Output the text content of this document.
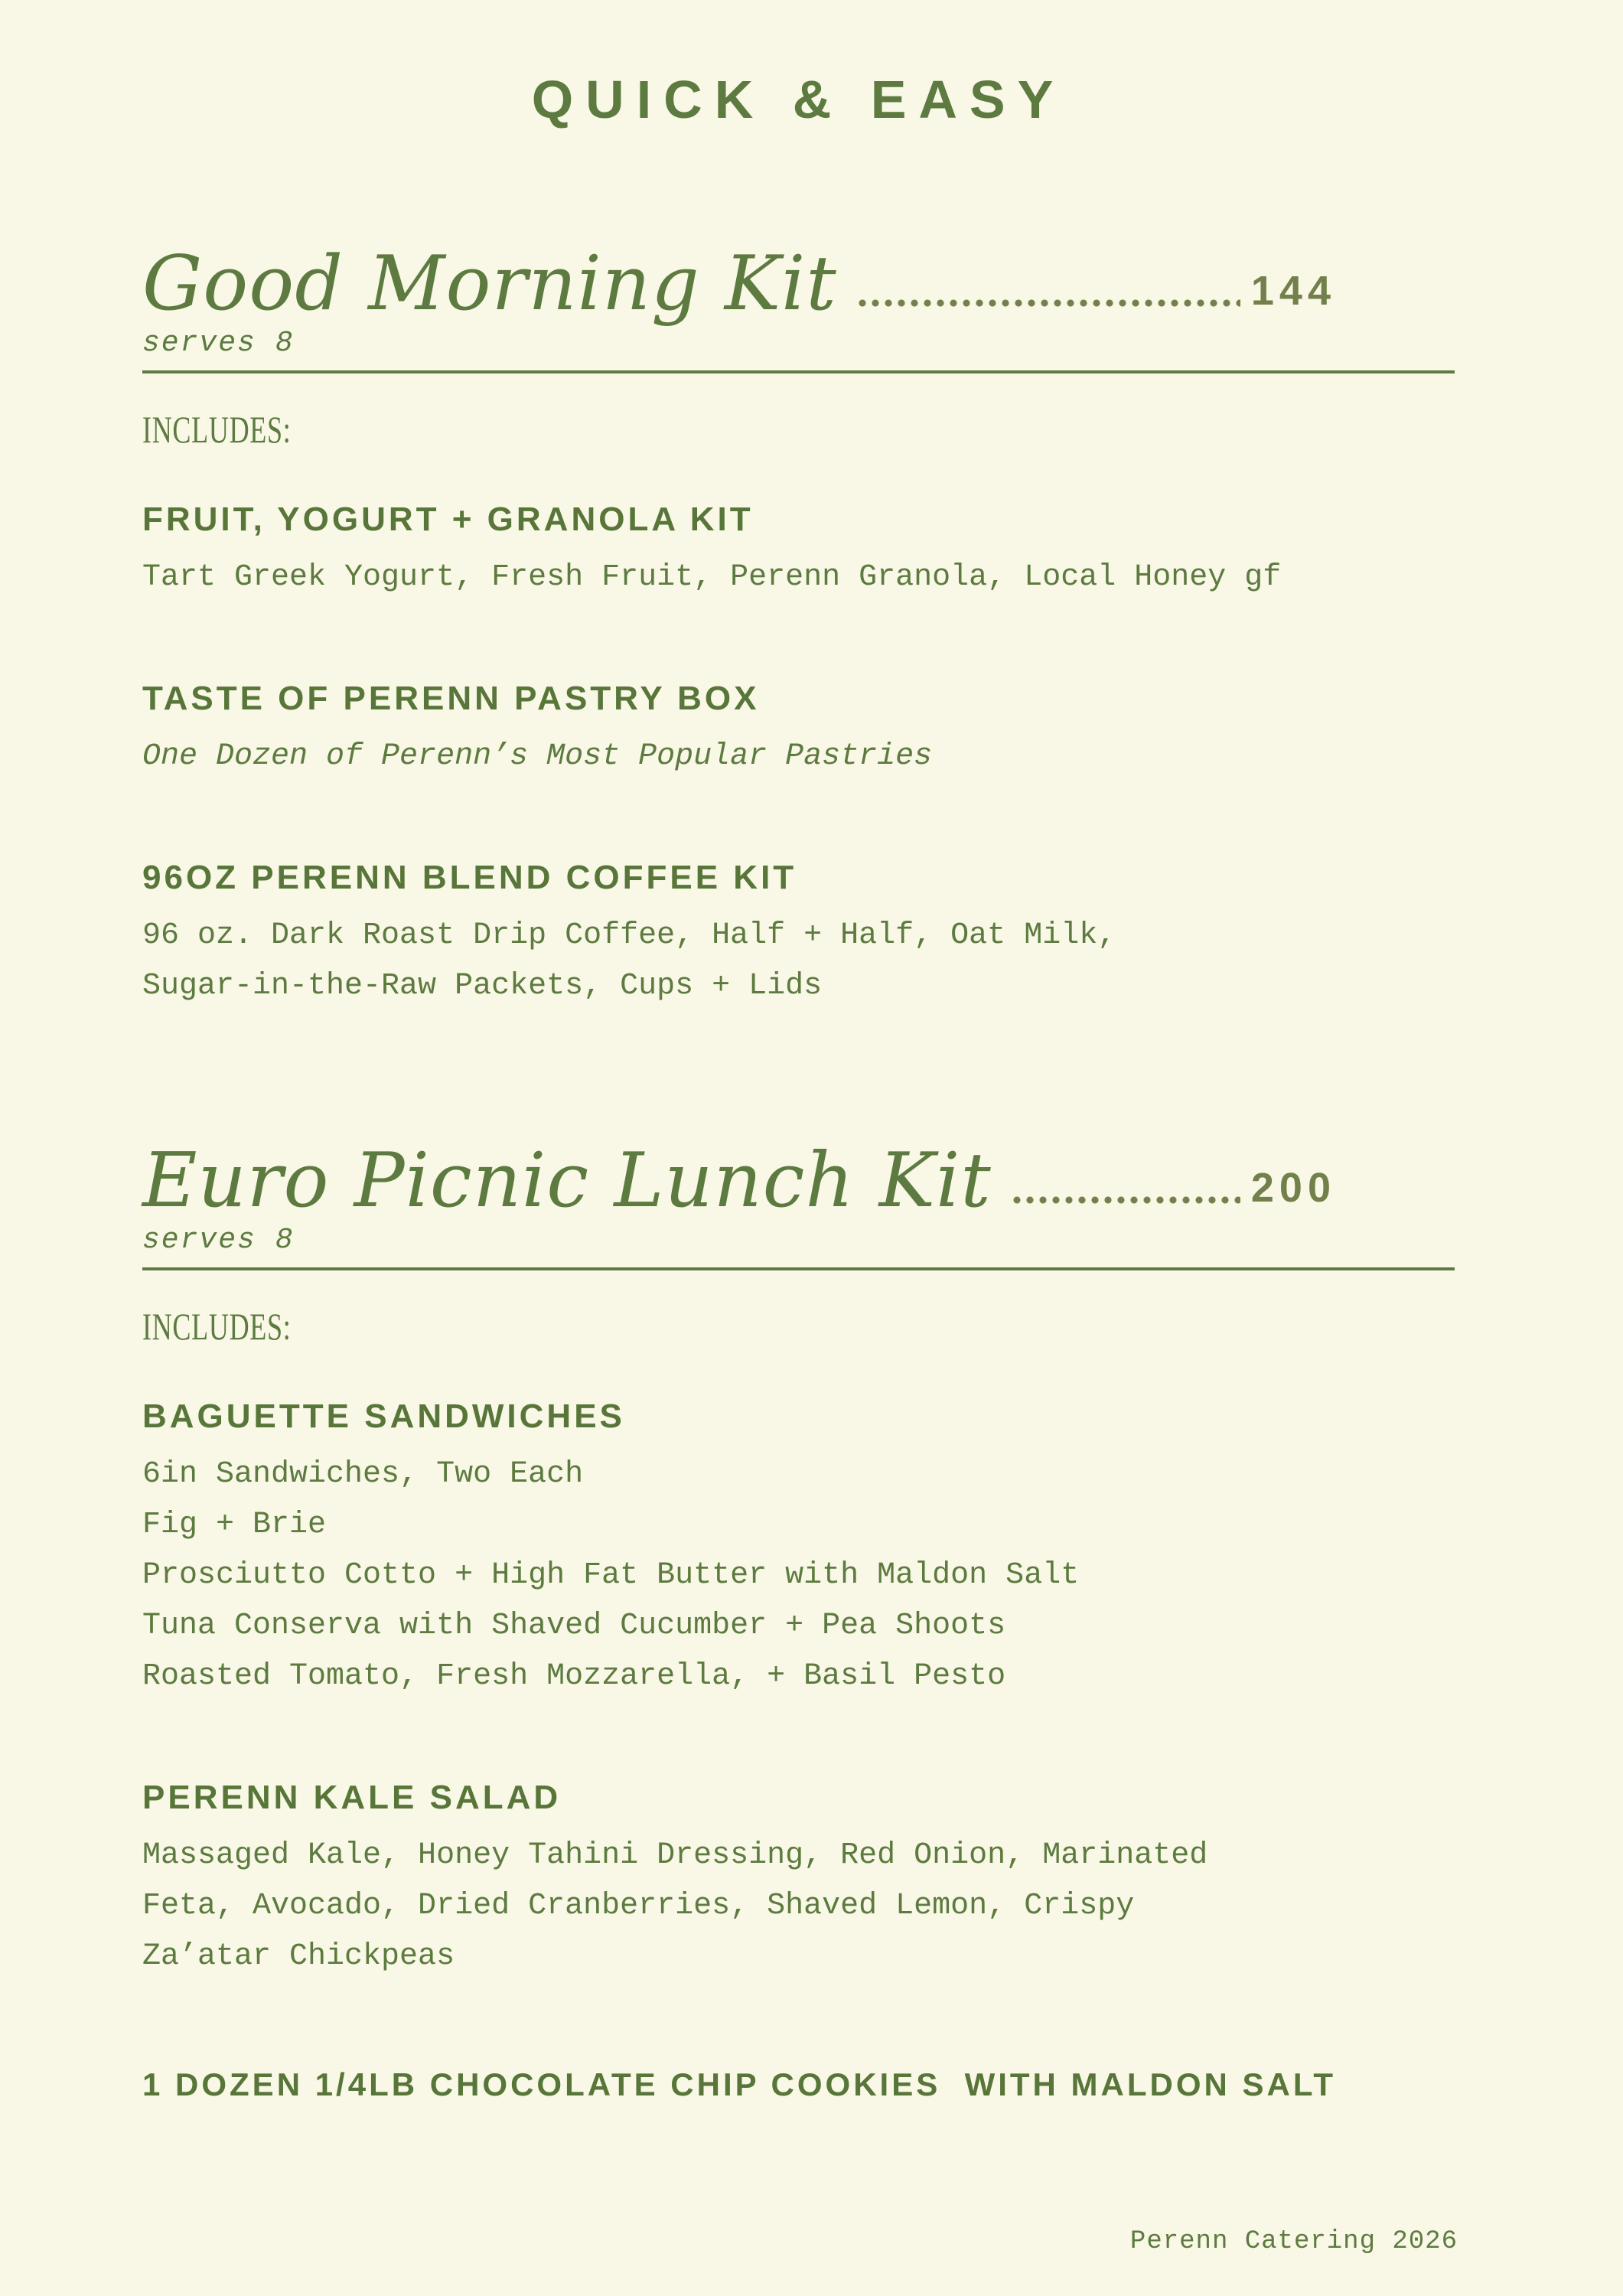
QUICK & EASY
Good Morning Kit	144
serves 8
INCLUDES:
FRUIT, YOGURT + GRANOLA KIT

Tart Greek Yogurt, Fresh Fruit, Perenn Granola, Local Honey gf

TASTE OF PERENN PASTRY BOX

One Dozen of Perenn’s Most Popular Pastries

96OZ PERENN BLEND COFFEE KIT

96 oz. Dark Roast Drip Coffee, Half + Half, Oat Milk,

Sugar-in-the-Raw Packets, Cups + Lids

Euro Picnic Lunch Kit	200
serves 8
INCLUDES:
BAGUETTE SANDWICHES

6in Sandwiches, Two Each

Fig + Brie

Prosciutto Cotto + High Fat Butter with Maldon Salt

Tuna Conserva with Shaved Cucumber + Pea Shoots

Roasted Tomato, Fresh Mozzarella, + Basil Pesto

PERENN KALE SALAD

Massaged Kale, Honey Tahini Dressing, Red Onion, Marinated

Feta, Avocado, Dried Cranberries, Shaved Lemon, Crispy

Za’atar Chickpeas

1 DOZEN 1/4LB CHOCOLATE CHIP COOKIES  WITH MALDON SALT
Perenn Catering 2026
